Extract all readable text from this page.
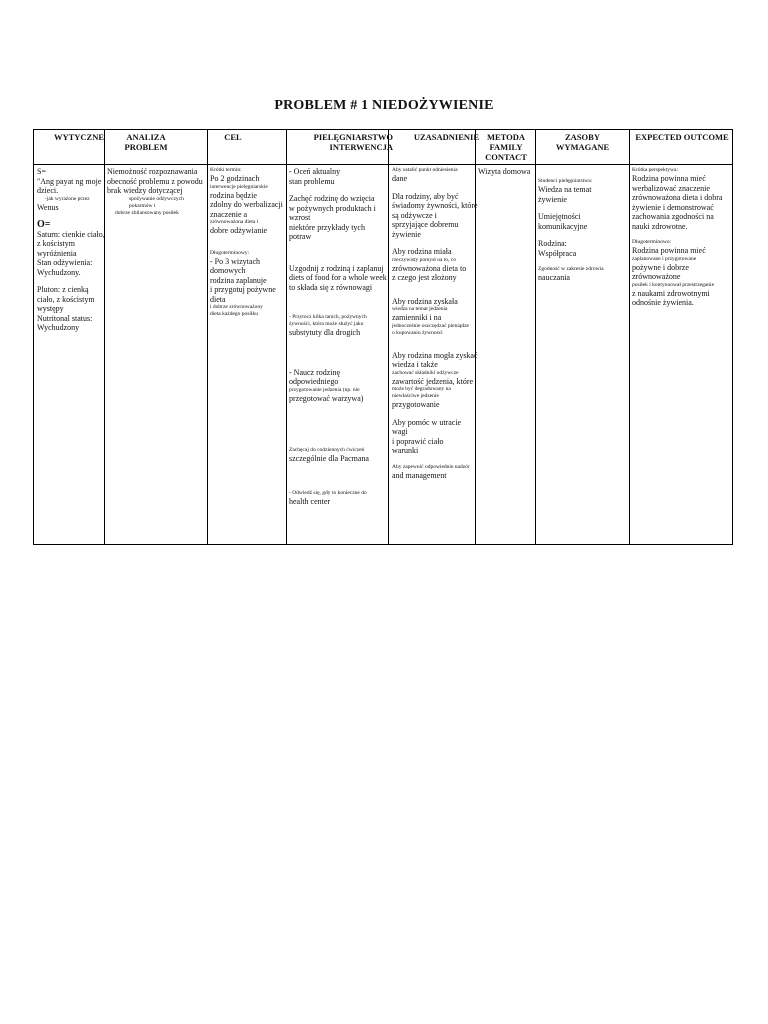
PROBLEM # 1 NIEDOŻYWIENIE
WYTYCZNE	ANALIZA
PROBLEM
CEL	PIELĘGNIARSTWO
INTERWENCJA
UZASADNIENIE METODA
FAMILY
CONTACT
ZASOBY
WYMAGANE
EXPECTED OUTCOME

S=

"Ang payat ng moje dzieci.

-jak wyrażone przez

Wenus

O=

Saturn: cienkie ciało,

z kościstym

wyróżnienia

Stan odżywienia:

Wychudzony.

Pluton: z cienką

ciało, z kościstym

występy

Nutritonal status:

Wychudzony

Niemożność rozpoznawania

obecność problemu z powodu

brak wiedzy dotyczącej

spożywanie odżywczych pokarmów i

dobrze zbilansowany posiłek

Krótki termin:

Po 2 godzinach

interwencje pielęgniarskie

rodzina będzie

zdolny do werbalizacji

znaczenie a

zrównoważona dieta i

dobre odżywianie

Długoterminowy:

- Po 3 wizytach domowych

rodzina zaplanuje

i przygotuj pożywne dieta

i dobrze zrównoważony

dieta każdego posiłku

- Oceń aktualny

stan problemu

Zachęć rodzinę do wzięcia

w pożywnych produktach i wzrost

niektóre przykłady tych potraw

Uzgodnij z rodziną i zaplanuj

diets of food for a whole week

to składa się z równowagi

- Przytocz kilka tanich, pożywnych

żywności, która może służyć jako

substytuty dla drogich

- Naucz rodzinę odpowiedniego

przygotowanie jedzenia (np. nie

przegotować warzywa)

Zachęcaj do codziennych ćwiczeń

szczególnie dla Pacmana

- Odwiedź się, gdy to konieczne do

health center

Aby ustalić punkt odniesienia

dane

Dla rodziny, aby być

świadomy żywności, które

są odżywcze i

sprzyjające dobremu

żywienie

Aby rodzina miała

rzeczywisty pomysł na to, co

zrównoważona dieta to

z czego jest złożony

Aby rodzina zyskała

wiedza na temat jedzenia

zamienniki i na

jednocześnie oszczędzać pieniądze

o kupowaniu żywności

Aby rodzina mogła zyskać

wiedza i także

zachować składniki odżywcze

zawartość jedzenia, które

może być degradowany na

niewłaściwe jedzenie

przygotowanie

Aby pomóc w utracie wagi

i poprawić ciało

warunki

Aby zapewnić odpowiednie nadzór

and management

Wizyta domowa

Studenci pielęgniarstwa:

Wiedza na temat

żywienie

Umiejętności komunikacyjne

Rodzina:

Współpraca

Zgodność w zakresie zdrowia

nauczania

Krótka perspektywa:

Rodzina powinna mieć

werbalizować znaczenie

zrównoważona dieta i dobra

żywienie i demonstrować

zachowania zgodności na

nauki zdrowotne.

Długoterminowo:

Rodzina powinna mieć

zaplanowane i przygotowane

pożywne i dobrze zrównoważone

posiłek i kontynuował przestrzeganie

z naukami zdrowotnymi

odnośnie żywienia.
